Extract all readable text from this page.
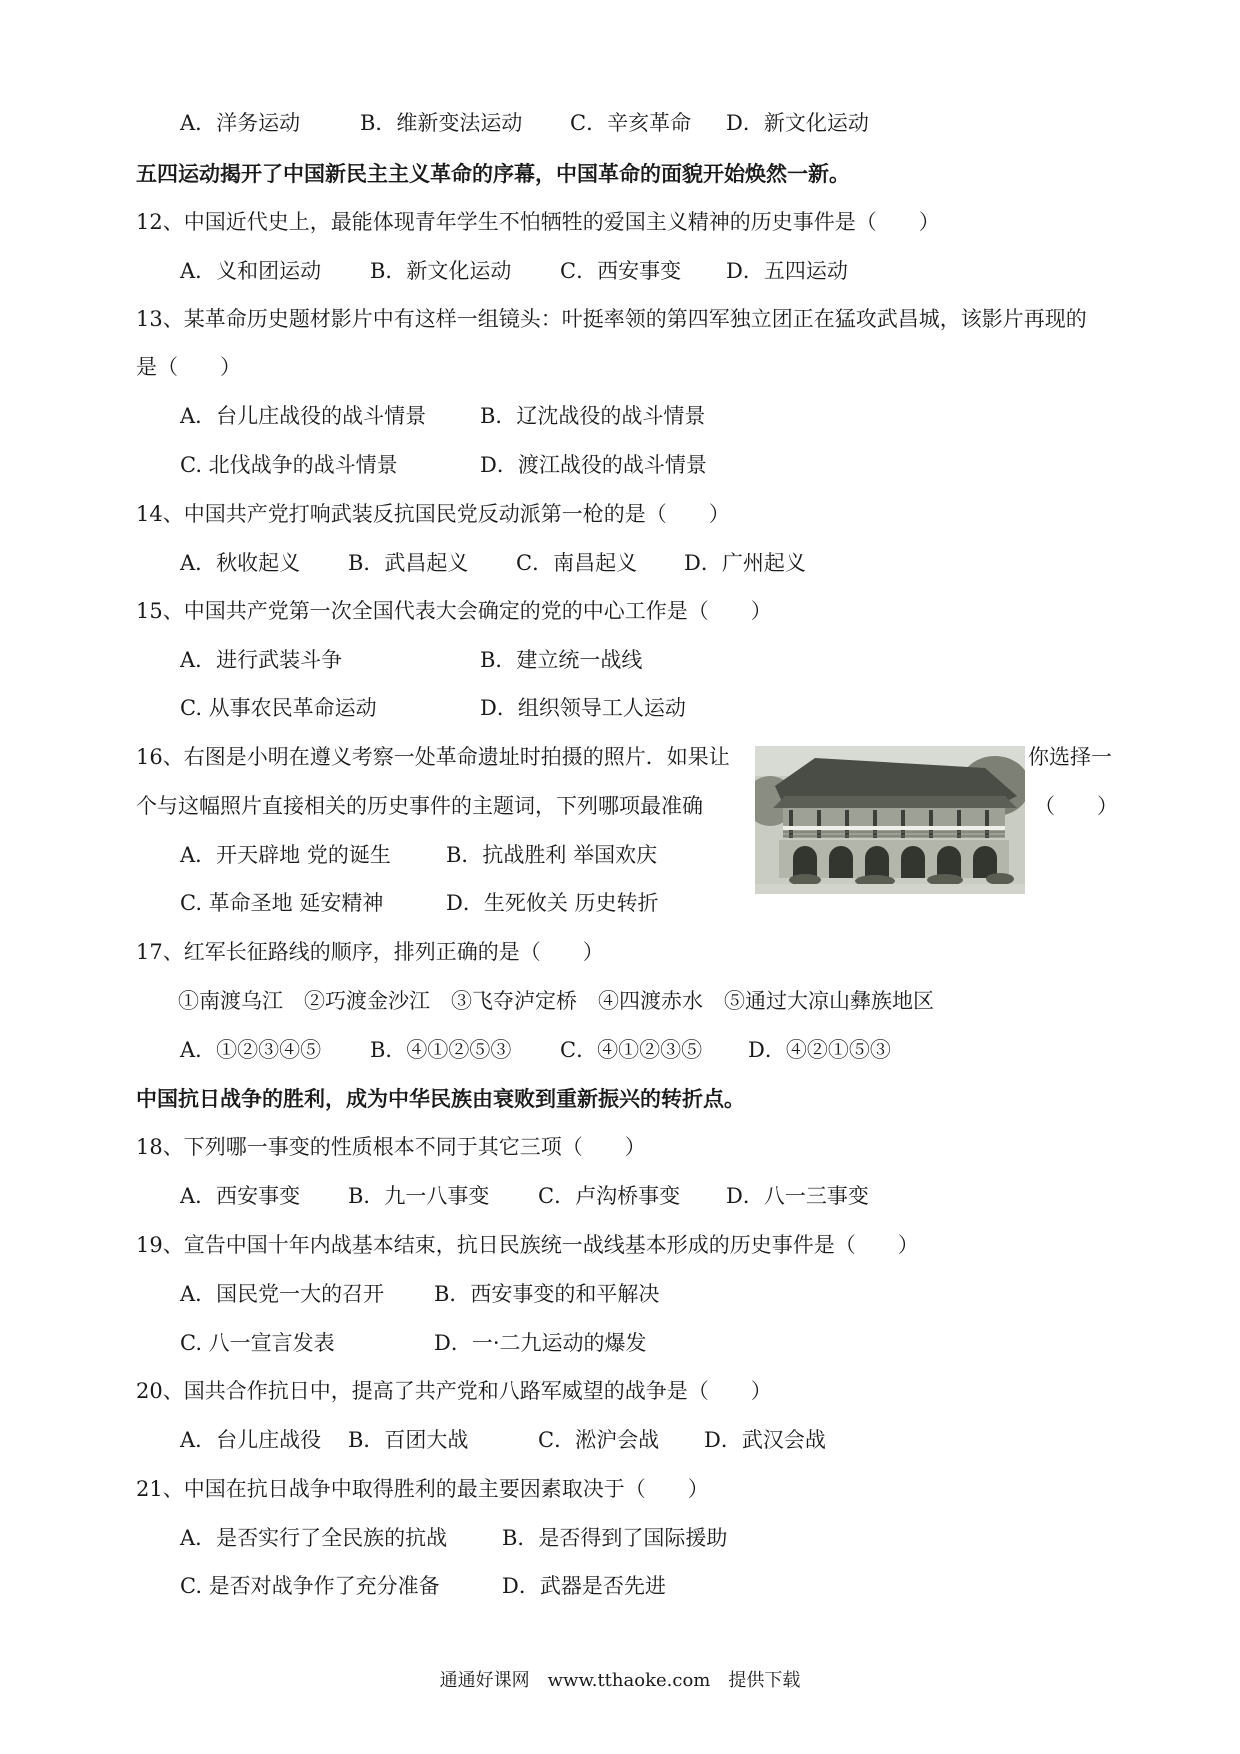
A．洋务运动	B．维新变法运动 C．辛亥革命 D．新文化运动
五四运动揭开了中国新民主主义革命的序幕，中国革命的面貌开始焕然一新。
12、中国近代史上，最能体现青年学生不怕牺牲的爱国主义精神的历史事件是（　　）
A．义和团运动 B．新文化运动 C．西安事变 D．五四运动
13、某革命历史题材影片中有这样一组镜头：叶挺率领的第四军独立团正在猛攻武昌城，该影片再现的
是（　　）
A．台儿庄战役的战斗情景	B．辽沈战役的战斗情景
C. 北伐战争的战斗情景	D．渡江战役的战斗情景
14、中国共产党打响武装反抗国民党反动派第一枪的是（　　）
A．秋收起义 B．武昌起义 C．南昌起义 D．广州起义
15、中国共产党第一次全国代表大会确定的党的中心工作是（　　）
A．进行武装斗争	B．建立统一战线
C. 从事农民革命运动	D．组织领导工人运动
16、右图是小明在遵义考察一处革命遗址时拍摄的照片．如果让	你选择一
个与这幅照片直接相关的历史事件的主题词，下列哪项最准确	（　　）
A．开天辟地 党的诞生	B．抗战胜利 举国欢庆
C. 革命圣地 延安精神	D．生死攸关 历史转折
17、红军长征路线的顺序，排列正确的是（　　）
①南渡乌江　②巧渡金沙江　③飞夺泸定桥　④四渡赤水　⑤通过大凉山彝族地区
A．①②③④⑤ B．④①②⑤③ C．④①②③⑤ D．④②①⑤③
中国抗日战争的胜利，成为中华民族由衰败到重新振兴的转折点。
18、下列哪一事变的性质根本不同于其它三项（　　）
A．西安事变 B．九一八事变 C．卢沟桥事变 D．八一三事变
19、宣告中国十年内战基本结束，抗日民族统一战线基本形成的历史事件是（　　）
A．国民党一大的召开 B．西安事变的和平解决
C. 八一宣言发表	D．一·二九运动的爆发
20、国共合作抗日中，提高了共产党和八路军威望的战争是（　　）
A．台儿庄战役 B．百团大战	C．淞沪会战 D．武汉会战
21、中国在抗日战争中取得胜利的最主要因素取决于（　　）
A．是否实行了全民族的抗战	B．是否得到了国际援助
C. 是否对战争作了充分准备	D．武器是否先进
通通好课网　www.tthaoke.com　提供下载
